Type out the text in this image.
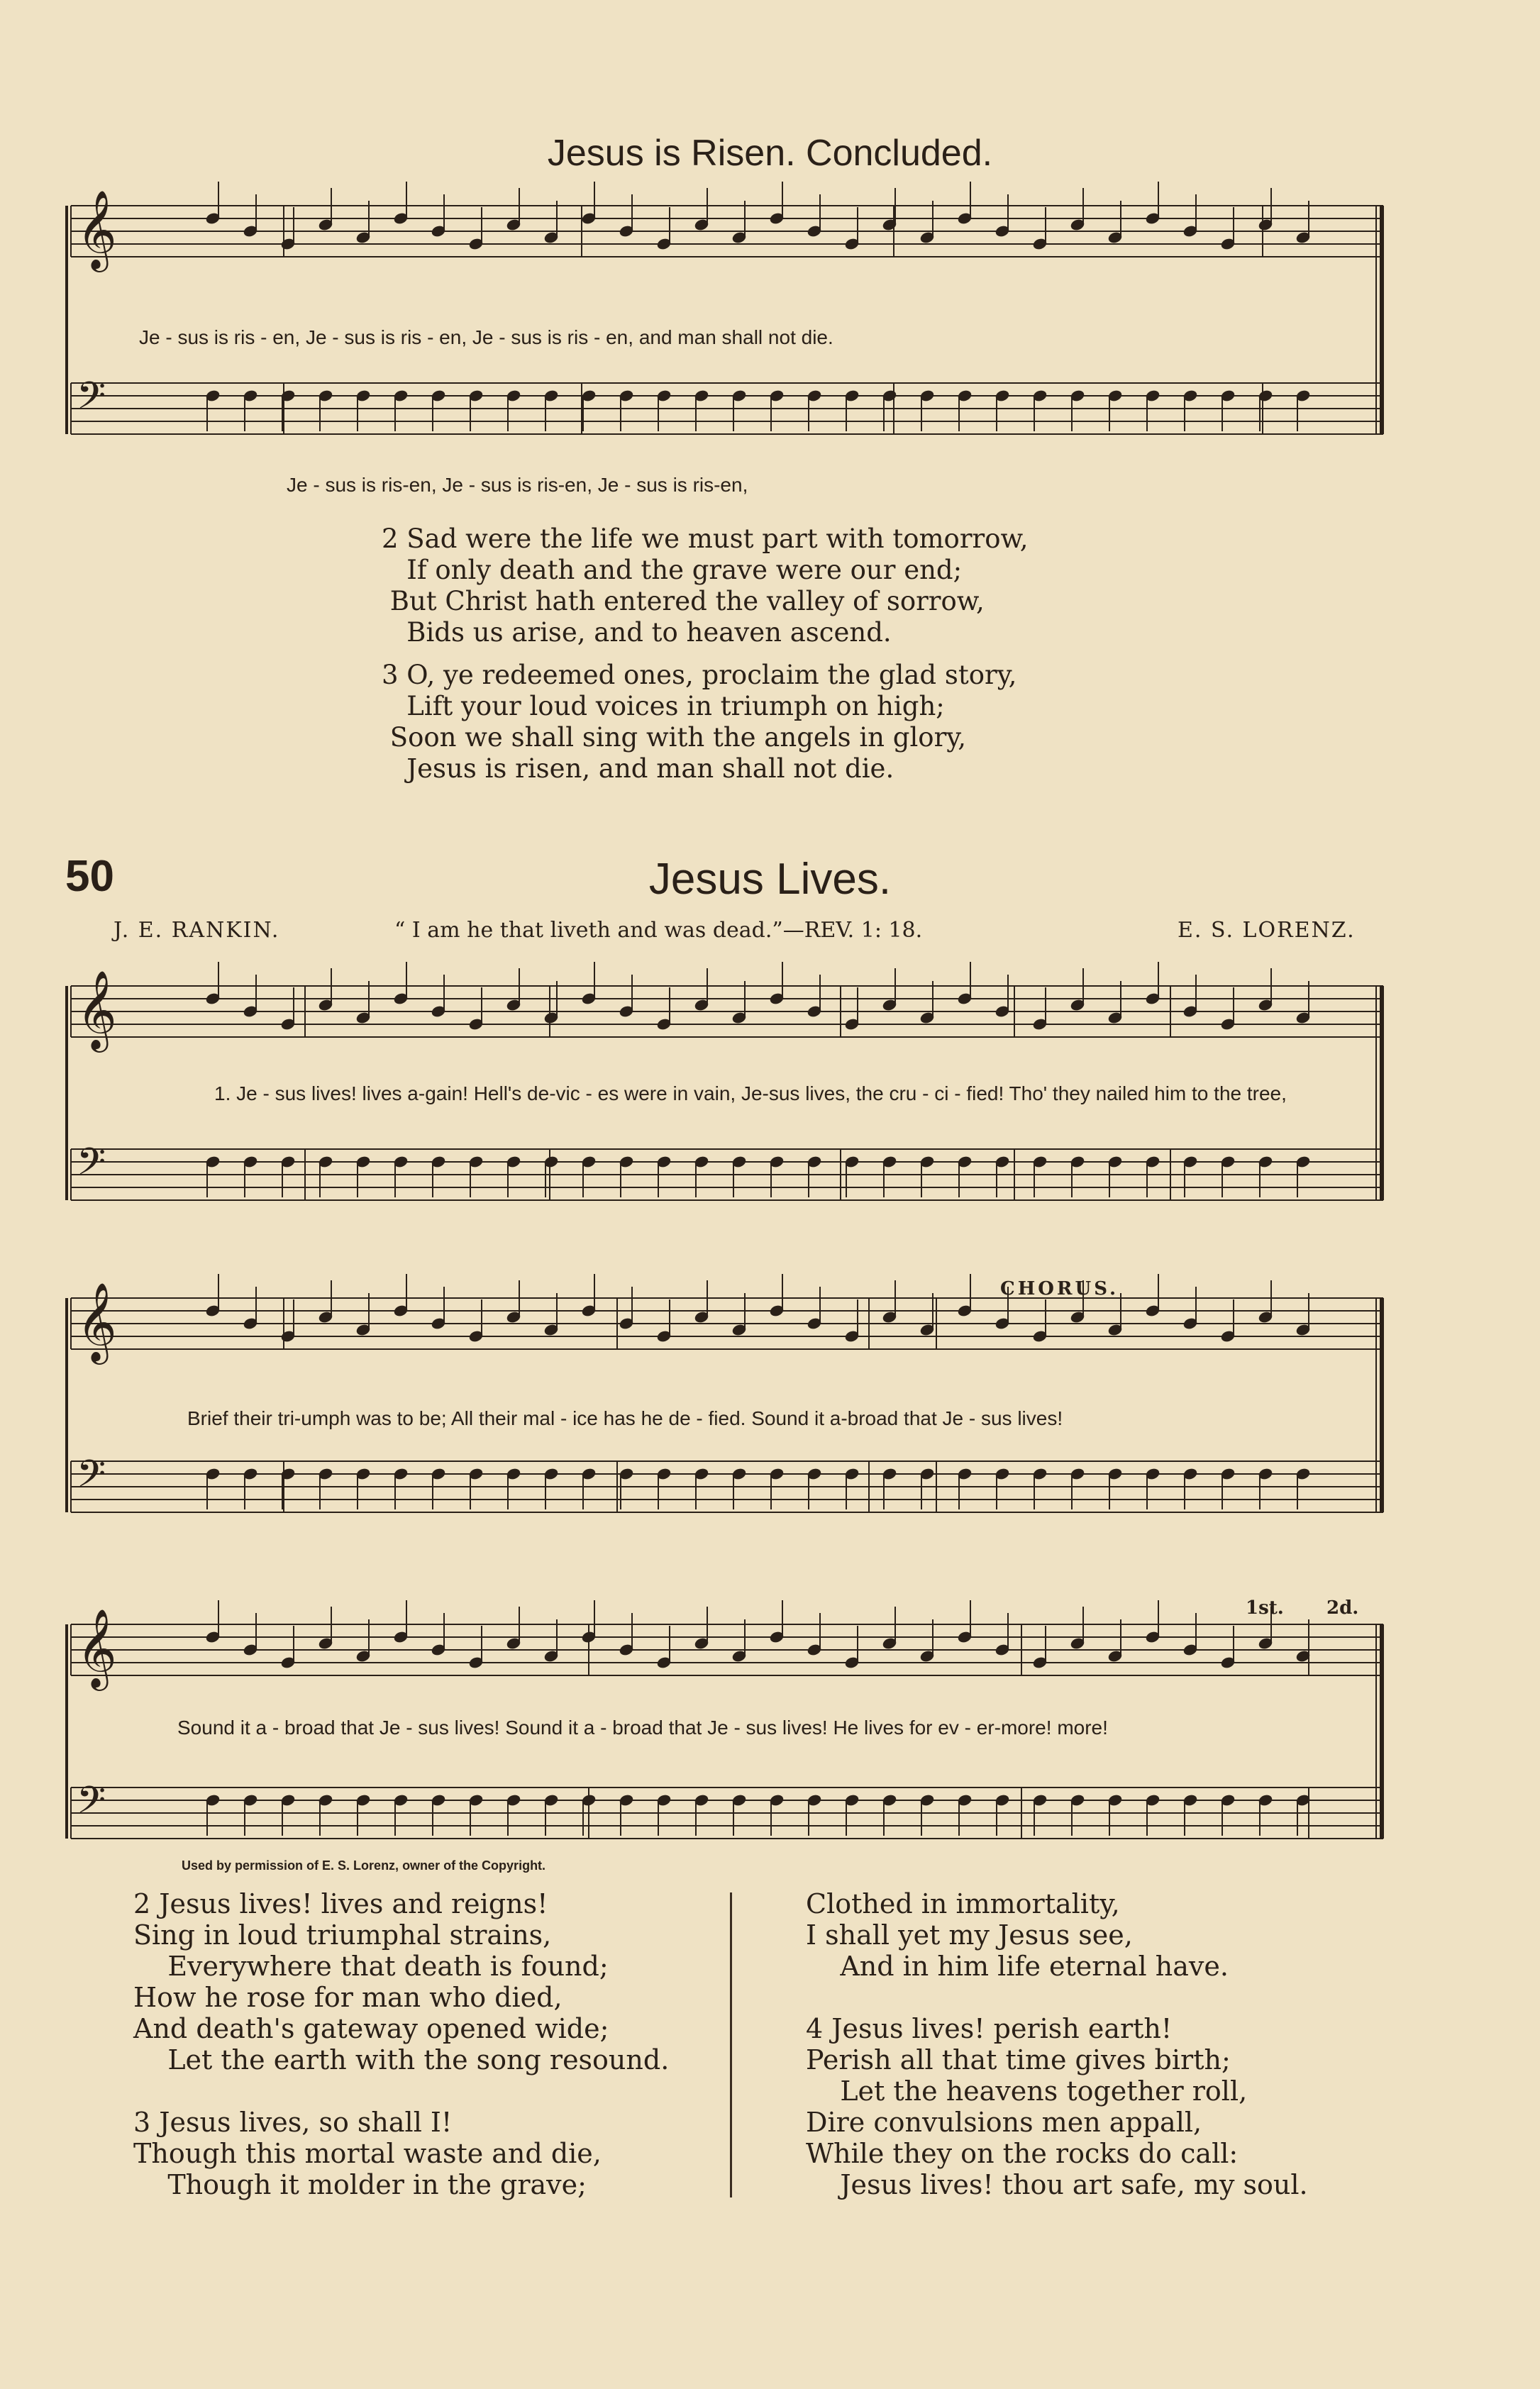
Jesus is Risen. Concluded.
𝄞
𝄢
𝄞
𝄢
𝄞
𝄢
𝄞
𝄢
Je - sus is ris - en, Je - sus is ris - en, Je - sus is ris - en, and man shall not die.
Je - sus is ris-en, Je - sus is ris-en, Je - sus is ris-en,
2 Sad were the life we must part with tomorrow,
If only death and the grave were our end;
But Christ hath entered the valley of sorrow,
Bids us arise, and to heaven ascend.
3 O, ye redeemed ones, proclaim the glad story,
Lift your loud voices in triumph on high;
Soon we shall sing with the angels in glory,
Jesus is risen, and man shall not die.
50	Jesus Lives.
J. E. RANKIN.	“ I am he that liveth and was dead.”—REV. 1: 18.	E. S. LORENZ.
1. Je - sus lives! lives a-gain! Hell's de-vic - es were in vain, Je-sus lives, the cru - ci - fied! Tho' they nailed him to the tree,
Brief their tri-umph was to be; All their mal - ice has he de - fied. Sound it a-broad that Je - sus lives!
CHORUS.
Sound it a - broad that Je - sus lives! Sound it a - broad that Je - sus lives! He lives for ev - er-more! more!
1st. 2d.
Used by permission of E. S. Lorenz, owner of the Copyright.
2 Jesus lives! lives and reigns!
Sing in loud triumphal strains,
Everywhere that death is found;
How he rose for man who died,
And death's gateway opened wide;
Let the earth with the song resound.

3 Jesus lives, so shall I!
Though this mortal waste and die,
Though it molder in the grave;
Clothed in immortality,
I shall yet my Jesus see,
And in him life eternal have.

4 Jesus lives! perish earth!
Perish all that time gives birth;
Let the heavens together roll,
Dire convulsions men appall,
While they on the rocks do call:
Jesus lives! thou art safe, my soul.
